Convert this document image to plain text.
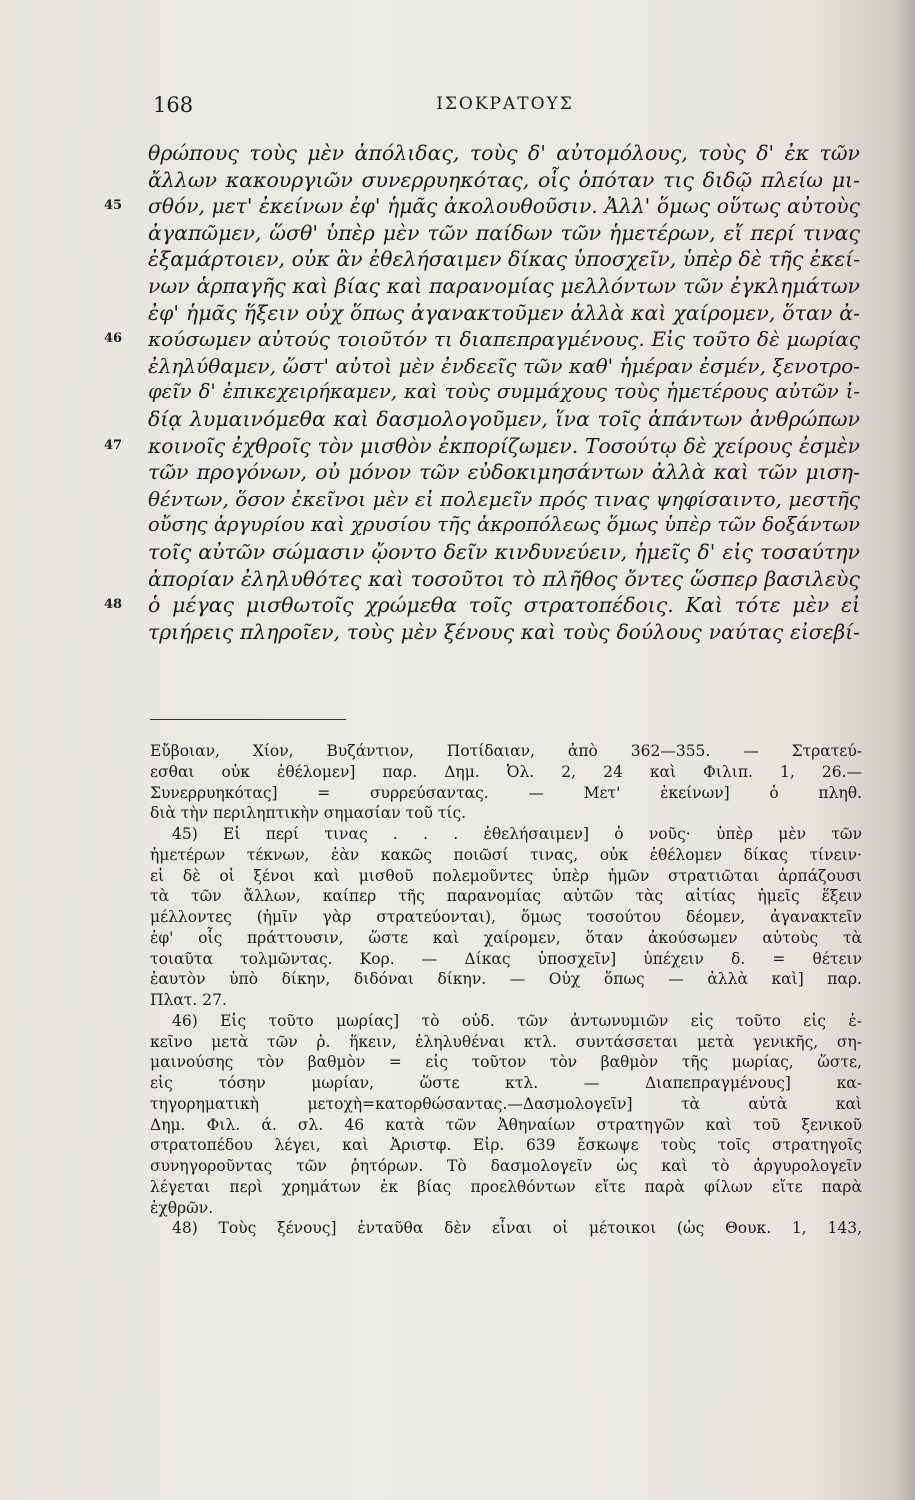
168	ΙΣΟΚΡΑΤΟΥΣ
θρώπους τοὺς μὲν ἀπόλιδας, τοὺς δ' αὐτομόλους, τοὺς δ' ἐκ τῶν
ἄλλων κακουργιῶν συνερρυηκότας, οἷς ὁπόταν τις διδῷ πλείω μι-
45 σθόν, μετ' ἐκείνων ἐφ' ἡμᾶς ἀκολουθοῦσιν. Ἀλλ' ὅμως οὕτως αὐτοὺς
ἀγαπῶμεν, ὥσθ' ὑπὲρ μὲν τῶν παίδων τῶν ἡμετέρων, εἴ περί τινας
ἐξαμάρτοιεν, οὐκ ἂν ἐθελήσαιμεν δίκας ὑποσχεῖν, ὑπὲρ δὲ τῆς ἐκεί-
νων ἁρπαγῆς καὶ βίας καὶ παρανομίας μελλόντων τῶν ἐγκλημάτων
ἐφ' ἡμᾶς ἥξειν οὐχ ὅπως ἀγανακτοῦμεν ἀλλὰ καὶ χαίρομεν, ὅταν ἀ-
46 κούσωμεν αὐτούς τοιοῦτόν τι διαπεπραγμένους. Εἰς τοῦτο δὲ μωρίας
ἐληλύθαμεν, ὥστ' αὐτοὶ μὲν ἐνδεεῖς τῶν καθ' ἡμέραν ἐσμέν, ξενοτρο-
φεῖν δ' ἐπικεχειρήκαμεν, καὶ τοὺς συμμάχους τοὺς ἡμετέρους αὐτῶν ἰ-
δίᾳ λυμαινόμεθα καὶ δασμολογοῦμεν, ἵνα τοῖς ἁπάντων ἀνθρώπων
47 κοινοῖς ἐχθροῖς τὸν μισθὸν ἐκπορίζωμεν. Τοσούτῳ δὲ χείρους ἐσμὲν
τῶν προγόνων, οὐ μόνον τῶν εὐδοκιμησάντων ἀλλὰ καὶ τῶν μιση-
θέντων, ὅσον ἐκεῖνοι μὲν εἰ πολεμεῖν πρός τινας ψηφίσαιντο, μεστῆς
οὔσης ἀργυρίου καὶ χρυσίου τῆς ἀκροπόλεως ὅμως ὑπὲρ τῶν δοξάντων
τοῖς αὐτῶν σώμασιν ᾤοντο δεῖν κινδυνεύειν, ἡμεῖς δ' εἰς τοσαύτην
ἀπορίαν ἐληλυθότες καὶ τοσοῦτοι τὸ πλῆθος ὄντες ὥσπερ βασιλεὺς
48 ὁ μέγας μισθωτοῖς χρώμεθα τοῖς στρατοπέδοις. Καὶ τότε μὲν εἰ
τριήρεις πληροῖεν, τοὺς μὲν ξένους καὶ τοὺς δούλους ναύτας εἰσεβί-
Εὔβοιαν, Χίον, Βυζάντιον, Ποτίδαιαν, ἀπὸ 362—355. — Στρατεύ-
εσθαι οὐκ ἐθέλομεν] παρ. Δημ. Ὀλ. 2, 24 καὶ Φιλιπ. 1, 26.—
Συνερρυηκότας] = συρρεύσαντας. — Μετ' ἐκείνων] ὁ πληθ.
διὰ τὴν περιληπτικὴν σημασίαν τοῦ τίς.
45) Εἰ περί τινας . . . ἐθελήσαιμεν] ὁ νοῦς· ὑπὲρ μὲν τῶν
ἡμετέρων τέκνων, ἐὰν κακῶς ποιῶσί τινας, οὐκ ἐθέλομεν δίκας τίνειν·
εἰ δὲ οἱ ξένοι καὶ μισθοῦ πολεμοῦντες ὑπὲρ ἡμῶν στρατιῶται ἁρπάζουσι
τὰ τῶν ἄλλων, καίπερ τῆς παρανομίας αὐτῶν τὰς αἰτίας ἡμεῖς ἕξειν
μέλλοντες (ἡμῖν γὰρ στρατεύονται), ὅμως τοσούτου δέομεν, ἀγανακτεῖν
ἐφ' οἷς πράττουσιν, ὥστε καὶ χαίρομεν, ὅταν ἀκούσωμεν αὐτοὺς τὰ
τοιαῦτα τολμῶντας. Κορ. — Δίκας ὑποσχεῖν] ὑπέχειν δ. = θέτειν
ἑαυτὸν ὑπὸ δίκην, διδόναι δίκην. — Οὐχ ὅπως — ἀλλὰ καὶ] παρ.
Πλατ. 27.
46) Εἰς τοῦτο μωρίας] τὸ οὐδ. τῶν ἀντωνυμιῶν εἰς τοῦτο εἰς ἐ-
κεῖνο μετὰ τῶν ῥ. ἥκειν, ἐληλυθέναι κτλ. συντάσσεται μετὰ γενικῆς, ση-
μαινούσης τὸν βαθμὸν = εἰς τοῦτον τὸν βαθμὸν τῆς μωρίας, ὥστε,
εἰς τόσην μωρίαν, ὥστε κτλ. — Διαπεπραγμένους] κα-
τηγορηματικὴ μετοχὴ=κατορθώσαντας.—Δασμολογεῖν] τὰ αὐτὰ καὶ
Δημ. Φιλ. ά. σλ. 46 κατὰ τῶν Ἀθηναίων στρατηγῶν καὶ τοῦ ξενικοῦ
στρατοπέδου λέγει, καὶ Ἀριστφ. Εἰρ. 639 ἔσκωψε τοὺς τοῖς στρατηγοῖς
συνηγοροῦντας τῶν ῥητόρων. Τὸ δασμολογεῖν ὡς καὶ τὸ ἀργυρολογεῖν
λέγεται περὶ χρημάτων ἐκ βίας προελθόντων εἴτε παρὰ φίλων εἴτε παρὰ
ἐχθρῶν.
48) Τοὺς ξένους] ἐνταῦθα δὲν εἶναι οἱ μέτοικοι (ὡς Θουκ. 1, 143,
